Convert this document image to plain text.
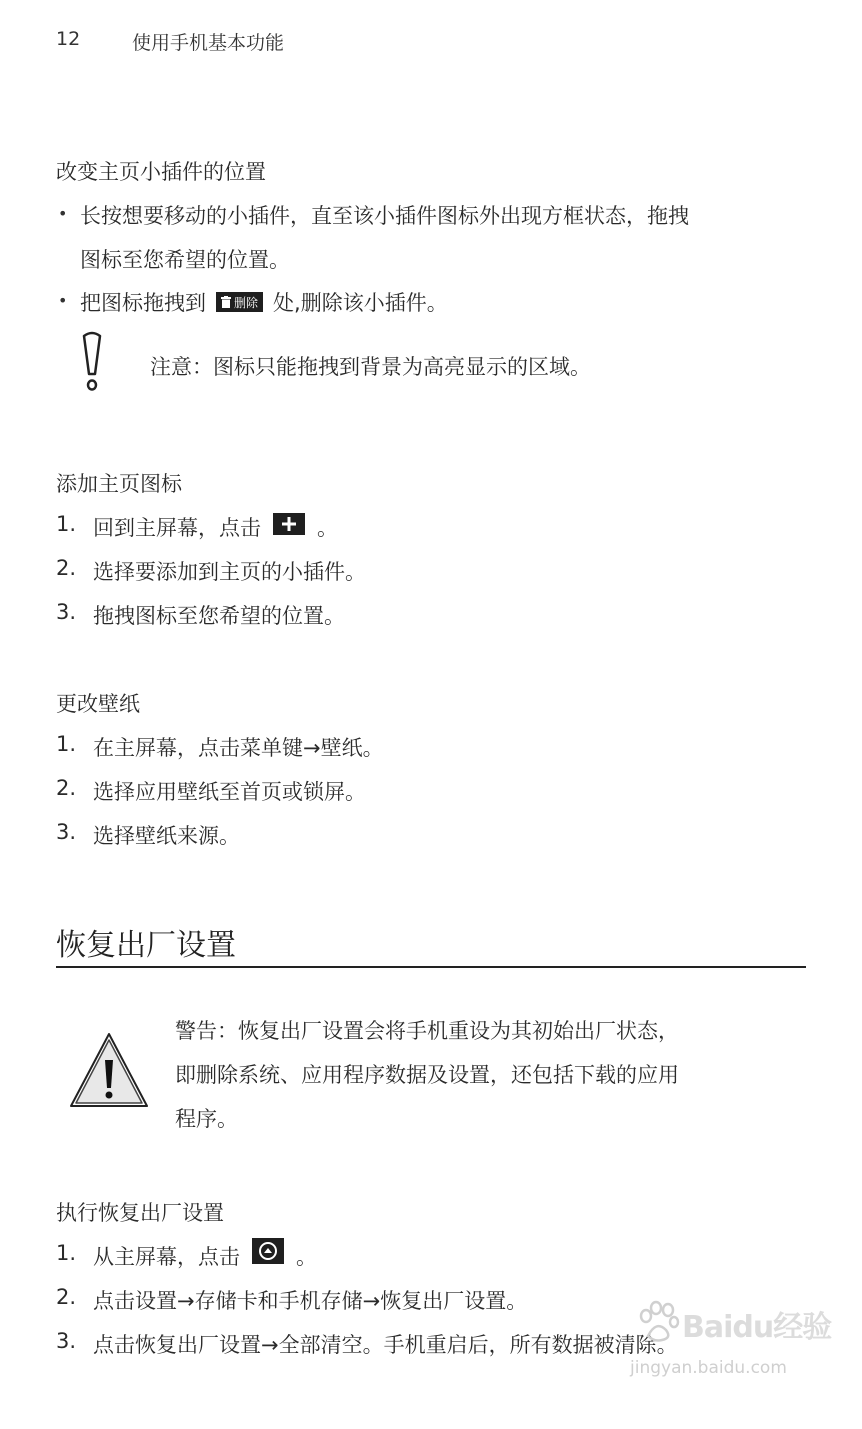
12	使用手机基本功能
改变主页小插件的位置
• 长按想要移动的小插件，直至该小插件图标外出现方框状态，拖拽
图标至您希望的位置。
• 把图标拖拽到 删除 处,删除该小插件。
注意：图标只能拖拽到背景为高亮显示的区域。
添加主页图标
1. 回到主屏幕，点击	。
2. 选择要添加到主页的小插件。
3. 拖拽图标至您希望的位置。
更改壁纸
1. 在主屏幕，点击菜单键→壁纸。
2. 选择应用壁纸至首页或锁屏。
3. 选择壁纸来源。
恢复出厂设置
警告：恢复出厂设置会将手机重设为其初始出厂状态，
即删除系统、应用程序数据及设置，还包括下载的应用
程序。
执行恢复出厂设置
1. 从主屏幕，点击	。
2. 点击设置→存储卡和手机存储→恢复出厂设置。
3. 点击恢复出厂设置→全部清空。手机重启后，所有数据被清除。 Baidu经验
jingyan.baidu.com
